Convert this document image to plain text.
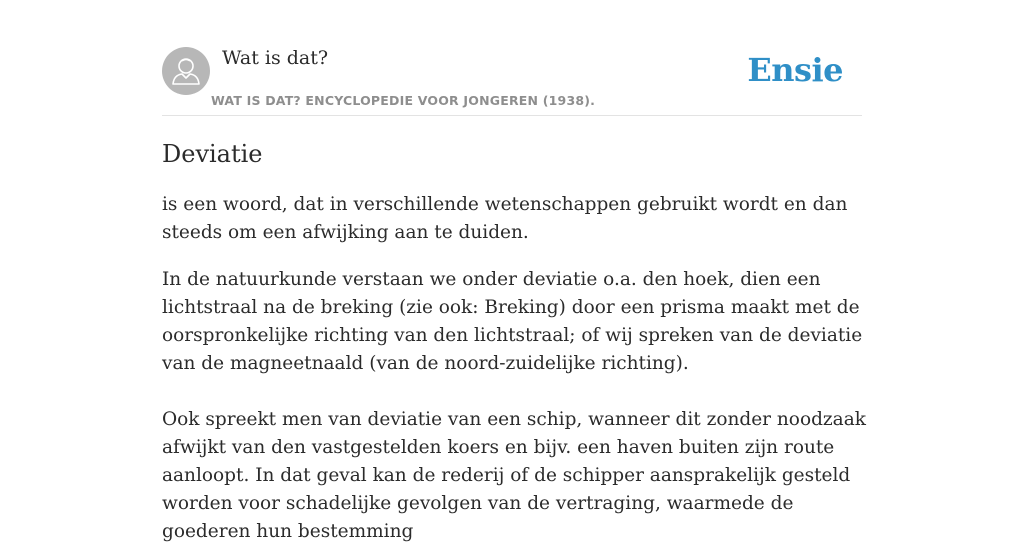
Wat is dat?
WAT IS DAT? ENCYCLOPEDIE VOOR JONGEREN (1938).
Ensie
Deviatie

is een woord, dat in verschillende wetenschappen gebruikt wordt en dan steeds om een afwijking aan te duiden.

In de natuurkunde verstaan we onder deviatie o.a. den hoek, dien een lichtstraal na de breking (zie ook: Breking) door een prisma maakt met de oorspronkelijke richting van den lichtstraal; of wij spreken van de deviatie van de magneetnaald (van de noord-zuidelijke richting).

Ook spreekt men van deviatie van een schip, wanneer dit zonder noodzaak afwijkt van den vastgestelden koers en bijv. een haven buiten zijn route aanloopt. In dat geval kan de rederij of de schipper aansprakelijk gesteld worden voor schadelijke gevolgen van de vertraging, waarmede de goederen hun bestemming
